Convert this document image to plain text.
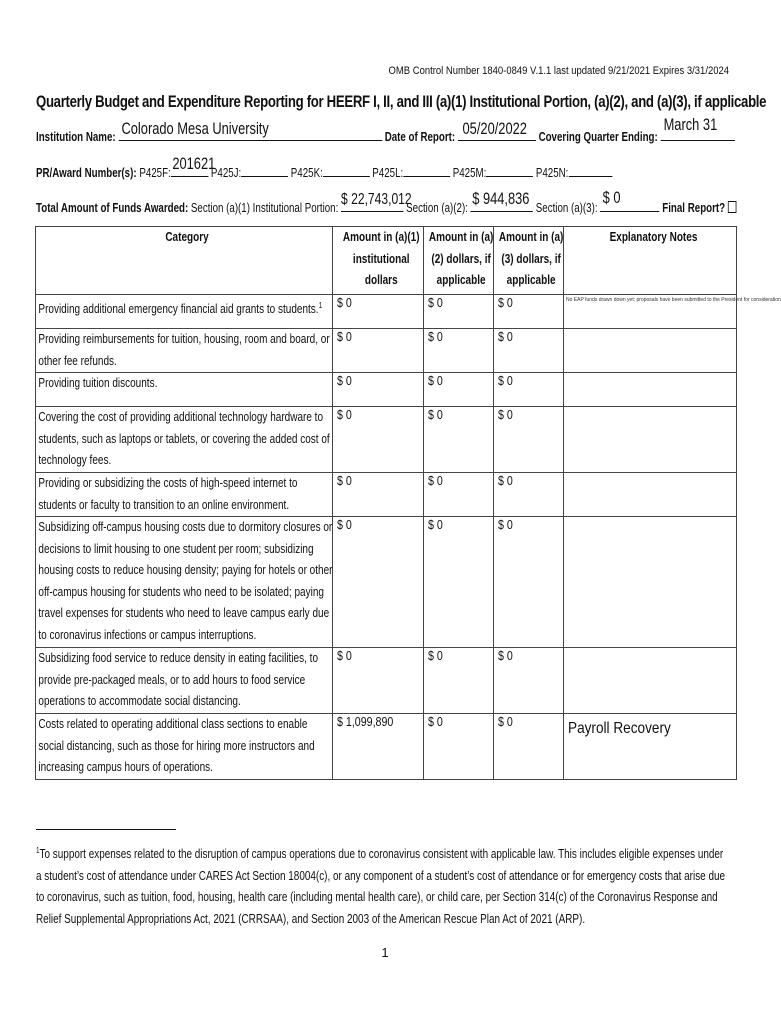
OMB Control Number 1840-0849 V.1.1 last updated 9/21/2021 Expires 3/31/2024
Quarterly Budget and Expenditure Reporting for HEERF I, II, and III (a)(1) Institutional Portion, (a)(2), and (a)(3), if applicable
Institution Name: Colorado Mesa University	Date of Report: 05/20/2022 Covering Quarter Ending:
March 31
PR/Award Number(s): P425F: 201621
P425J:	P425K:	P425L:	P425M:	P425N:
Total Amount of Funds Awarded: Section (a)(1) Institutional Portion: $ 22,743,012
Section (a)(2): $ 944,836 Section (a)(3):
$ 0
Final Report?
Category	Amount in (a)(1) institutional dollars	Amount in (a)(2) dollars, if applicable	Amount in (a)(3) dollars, if applicable	Explanatory Notes

Providing additional emergency financial aid grants to students.$^1$	$ 0	$ 0	$ 0	No EAP funds drawn down yet; proposals have been submitted to the President for consideration

Providing reimbursements for tuition, housing, room and board, or other fee refunds.	$ 0	$ 0	$ 0	

Providing tuition discounts.	$ 0	$ 0	$ 0	

Covering the cost of providing additional technology hardware to students, such as laptops or tablets, or covering the added cost of technology fees.	$ 0	$ 0	$ 0	

Providing or subsidizing the costs of high-speed internet to students or faculty to transition to an online environment.	$ 0	$ 0	$ 0	

Subsidizing off-campus housing costs due to dormitory closures or decisions to limit housing to one student per room; subsidizing housing costs to reduce housing density; paying for hotels or other off-campus housing for students who need to be isolated; paying travel expenses for students who need to leave campus early due to coronavirus infections or campus interruptions.	$ 0	$ 0	$ 0	

Subsidizing food service to reduce density in eating facilities, to provide pre-packaged meals, or to add hours to food service operations to accommodate social distancing.	$ 0	$ 0	$ 0	

Costs related to operating additional class sections to enable social distancing, such as those for hiring more instructors and increasing campus hours of operations.	$ 1,099,890	$ 0	$ 0	Payroll Recovery
$^1$To support expenses related to the disruption of campus operations due to coronavirus consistent with applicable law. This includes eligible expenses under a student’s cost of attendance under CARES Act Section 18004(c), or any component of a student’s cost of attendance or for emergency costs that arise due to coronavirus, such as tuition, food, housing, health care (including mental health care), or child care, per Section 314(c) of the Coronavirus Response and Relief Supplemental Appropriations Act, 2021 (CRRSAA), and Section 2003 of the American Rescue Plan Act of 2021 (ARP).
1
